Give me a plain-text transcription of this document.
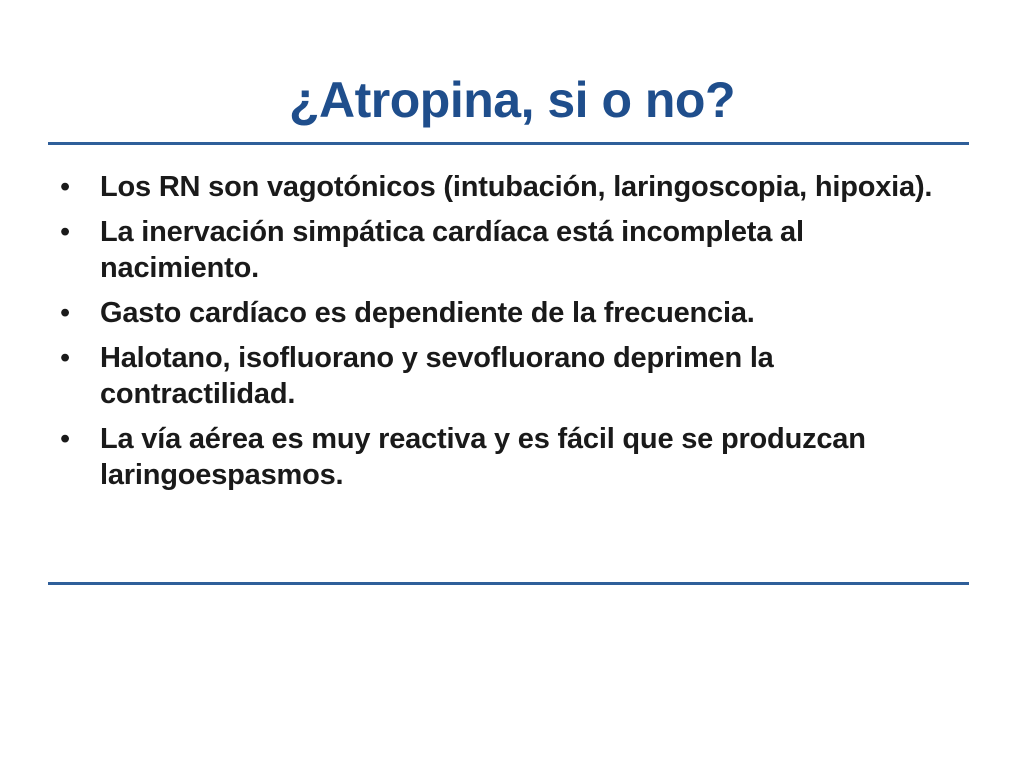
¿Atropina, si o no?
• Los RN son vagotónicos (intubación, laringoscopia, hipoxia).
• La inervación simpática cardíaca está incompleta al nacimiento.
• Gasto cardíaco es dependiente de la frecuencia.
• Halotano, isofluorano y sevofluorano deprimen la contractilidad.
• La vía aérea es muy reactiva y es fácil que se produzcan laringoespasmos.
